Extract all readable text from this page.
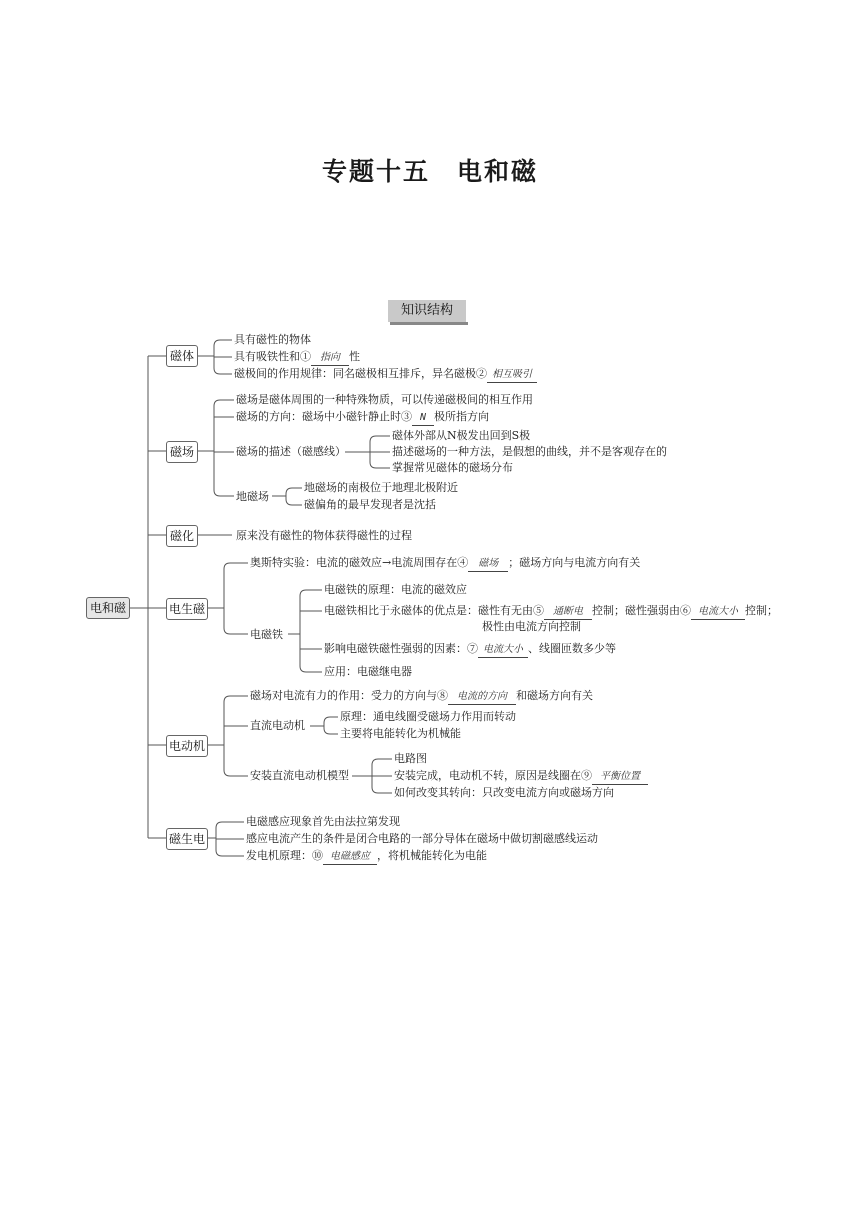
专题十五　电和磁
知识结构
电和磁
磁体
磁场
磁化
电生磁
电动机
磁生电
具有磁性的物体
具有吸铁性和① 指向 性
磁极间的作用规律：同名磁极相互排斥，异名磁极② 相互吸引
磁场是磁体周围的一种特殊物质，可以传递磁极间的相互作用
磁场的方向：磁场中小磁针静止时③ N 极所指方向
磁场的描述（磁感线）
磁体外部从N极发出回到S极
描述磁场的一种方法，是假想的曲线，并不是客观存在的
掌握常见磁体的磁场分布
地磁场
地磁场的南极位于地理北极附近
磁偏角的最早发现者是沈括
原来没有磁性的物体获得磁性的过程
奥斯特实验：电流的磁效应→电流周围存在④ 磁场 ；磁场方向与电流方向有关
电磁铁
电磁铁的原理：电流的磁效应
电磁铁相比于永磁体的优点是：磁性有无由⑤ 通断电 控制；磁性强弱由⑥ 电流大小 控制；
极性由电流方向控制
影响电磁铁磁性强弱的因素：⑦ 电流大小 、线圈匝数多少等
应用：电磁继电器
磁场对电流有力的作用：受力的方向与⑧ 电流的方向 和磁场方向有关
直流电动机
原理：通电线圈受磁场力作用而转动
主要将电能转化为机械能
安装直流电动机模型
电路图
安装完成，电动机不转，原因是线圈在⑨ 平衡位置
如何改变其转向：只改变电流方向或磁场方向
电磁感应现象首先由法拉第发现
感应电流产生的条件是闭合电路的一部分导体在磁场中做切割磁感线运动
发电机原理：⑩ 电磁感应 ，将机械能转化为电能
